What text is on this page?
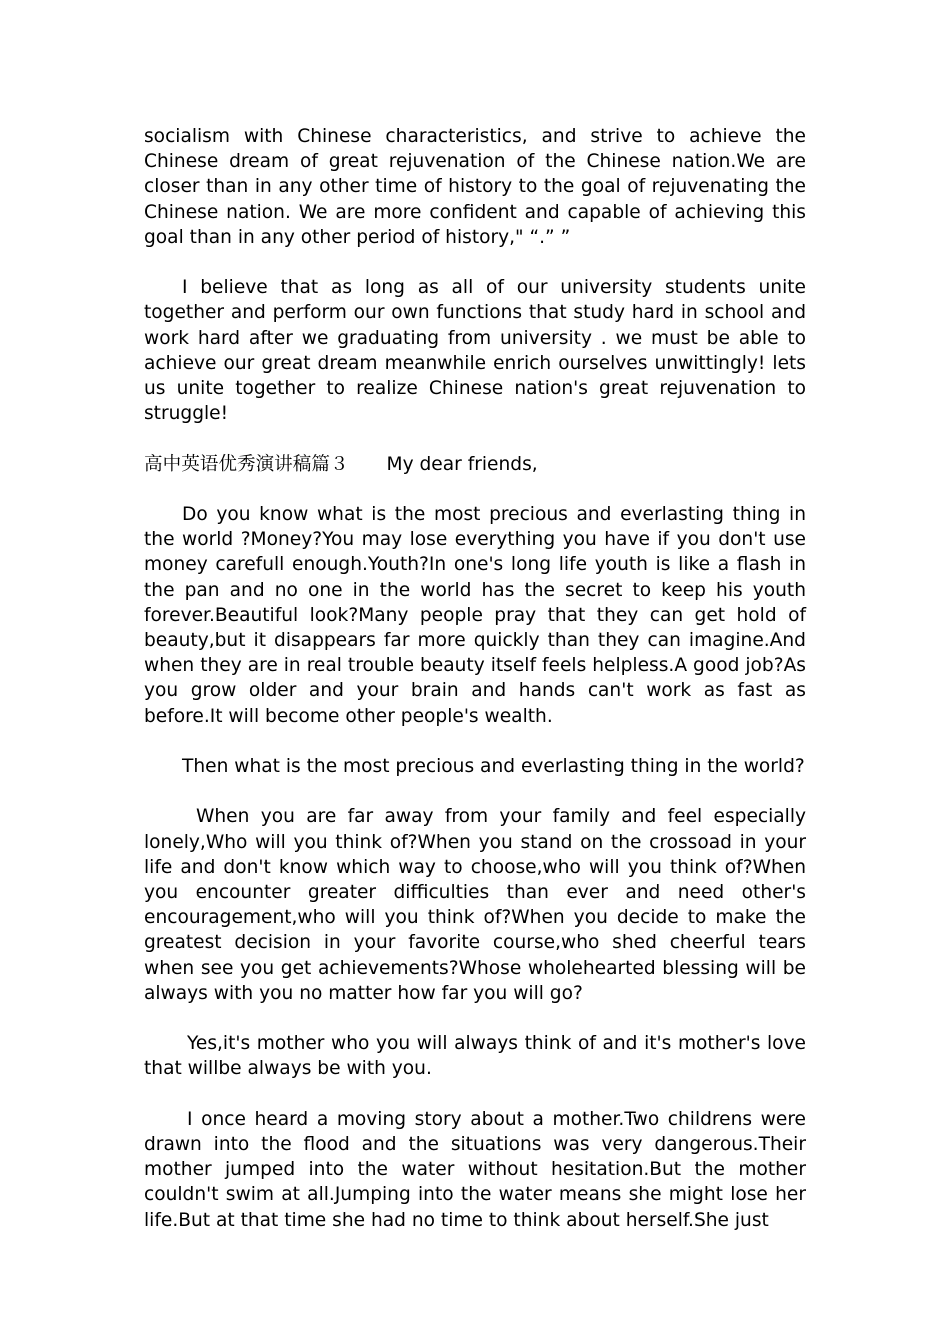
socialism with Chinese characteristics, and strive to achieve the Chinese dream of great rejuvenation of the Chinese nation.We are closer than in any other time of history to the goal of rejuvenating the Chinese nation. We are more confident and capable of achieving this goal than in any other period of history," “.” ”

I believe that as long as all of our university students unite together and perform our own functions that study hard in school and work hard after we graduating from university . we must be able to achieve our great dream meanwhile enrich ourselves unwittingly! lets us unite together to realize Chinese nation's great rejuvenation to struggle!

高中英语优秀演讲稿篇３ My dear friends,

Do you know what is the most precious and everlasting thing in the world ?Money?You may lose everything you have if you don't use money carefull enough.Youth?In one's long life youth is like a flash in the pan and no one in the world has the secret to keep his youth forever.Beautiful look?Many people pray that they can get hold of beauty,but it disappears far more quickly than they can imagine.And when they are in real trouble beauty itself feels helpless.A good job?As you grow older and your brain and hands can't work as fast as before.It will become other people's wealth.

Then what is the most precious and everlasting thing in the world?

When you are far away from your family and feel especially lonely,Who will you think of?When you stand on the crossoad in your life and don't know which way to choose,who will you think of?When you encounter greater difficulties than ever and need other's encouragement,who will you think of?When you decide to make the greatest decision in your favorite course,who shed cheerful tears when see you get achievements?Whose wholehearted blessing will be always with you no matter how far you will go?

Yes,it's mother who you will always think of and it's mother's love that willbe always be with you.

I once heard a moving story about a mother.Two childrens were drawn into the flood and the situations was very dangerous.Their mother jumped into the water without hesitation.But the mother couldn't swim at all.Jumping into the water means she might lose her life.But at that time she had no time to think about herself.She just
